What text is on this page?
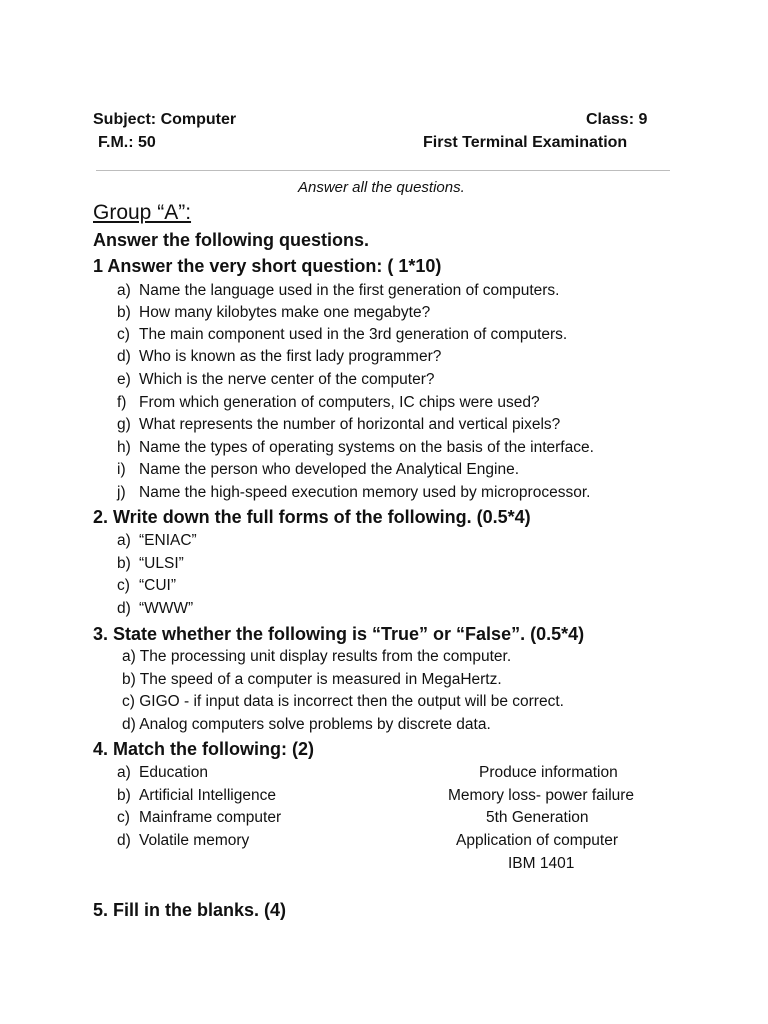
Subject: Computer	Class: 9
F.M.: 50	First Terminal Examination
Answer all the questions.
Group “A”:
Answer the following questions.
1 Answer the very short question: ( 1*10)
a) Name the language used in the first generation of computers.
b) How many kilobytes make one megabyte?
c) The main component used in the 3rd generation of computers.
d) Who is known as the first lady programmer?
e) Which is the nerve center of the computer?
f) From which generation of computers, IC chips were used?
g) What represents the number of horizontal and vertical pixels?
h) Name the types of operating systems on the basis of the interface.
i) Name the person who developed the Analytical Engine.
j) Name the high-speed execution memory used by microprocessor.
2. Write down the full forms of the following. (0.5*4)
a) “ENIAC”
b) “ULSI”
c) “CUI”
d) “WWW”
3. State whether the following is “True” or “False”. (0.5*4)
a) The processing unit display results from the computer.
b) The speed of a computer is measured in MegaHertz.
c) GIGO - if input data is incorrect then the output will be correct.
d) Analog computers solve problems by discrete data.
4. Match the following: (2)
a) Education
b) Artificial Intelligence
c) Mainframe computer
d) Volatile memory
Produce information
Memory loss- power failure
5th Generation
Application of computer
IBM 1401
5. Fill in the blanks. (4)
